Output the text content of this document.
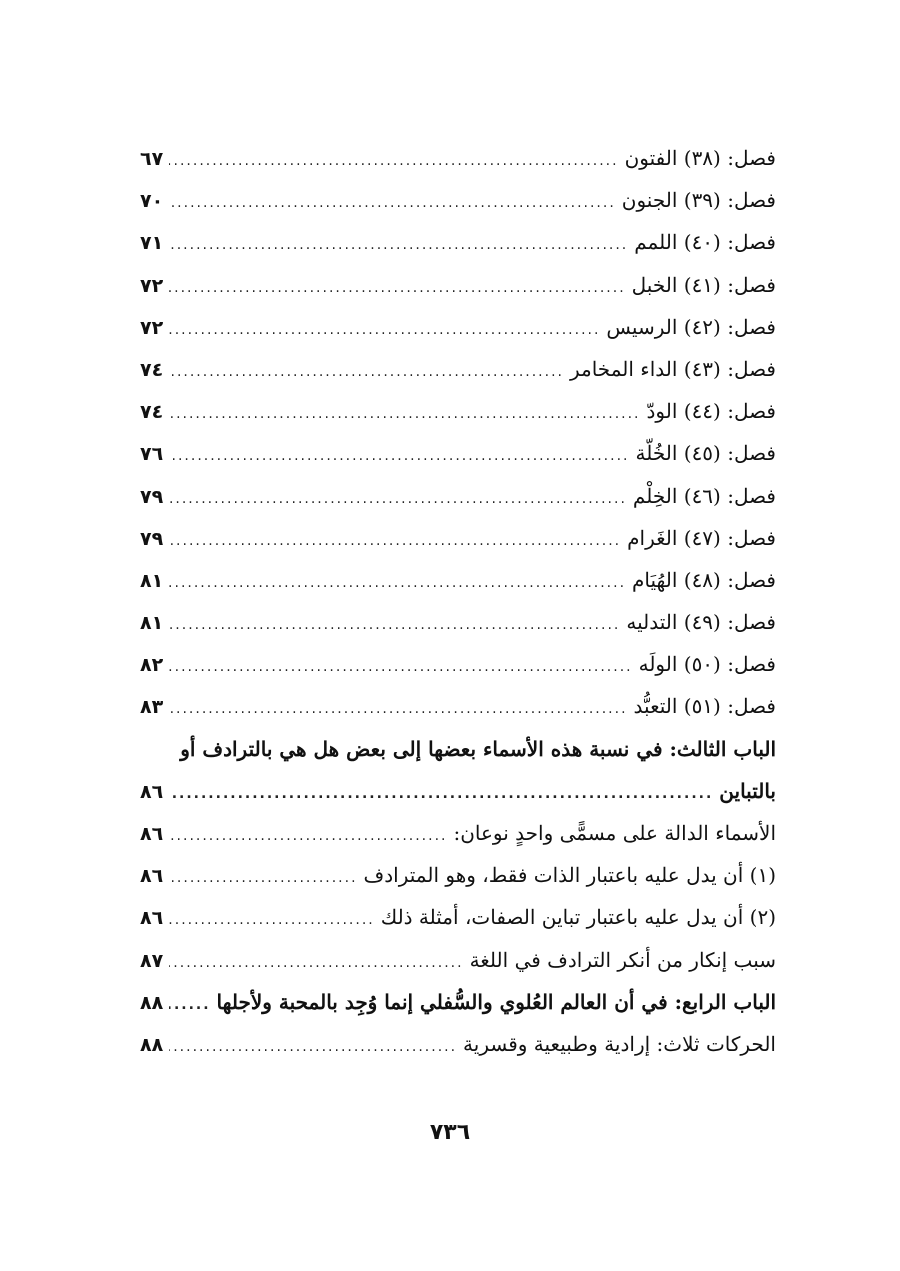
فصل: (٣٨) الفتون
.....
٦٧
فصل: (٣٩) الجنون
.....
٧٠
فصل: (٤٠) اللمم
.....
٧١
فصل: (٤١) الخبل
.....
٧٢
فصل: (٤٢) الرسيس
.....
٧٢
فصل: (٤٣) الداء المخامر
.....
٧٤
فصل: (٤٤) الودّ
.....
٧٤
فصل: (٤٥) الخُلّة
.....
٧٦
فصل: (٤٦) الخِلْم
.....
٧٩
فصل: (٤٧) الغَرام
.....
٧٩
فصل: (٤٨) الهُيَام
.....
٨١
فصل: (٤٩) التدليه
.....
٨١
فصل: (٥٠) الولَه
.....
٨٢
فصل: (٥١) التعبُّد
.....
٨٣
الباب الثالث: في نسبة هذه الأسماء بعضها إلى بعض هل هي بالترادف أو
بالتباين
.....
٨٦
الأسماء الدالة على مسمًّى واحدٍ نوعان:
.....
٨٦
(١) أن يدل عليه باعتبار الذات فقط، وهو المترادف
.....
٨٦
(٢) أن يدل عليه باعتبار تباين الصفات، أمثلة ذلك
.....
٨٦
سبب إنكار من أنكر الترادف في اللغة
.....
٨٧
الباب الرابع: في أن العالم العُلوي والسُّفلي إنما وُجِد بالمحبة ولأجلها
.....
٨٨
الحركات ثلاث: إرادية وطبيعية وقسرية
.....
٨٨
٧٣٦
